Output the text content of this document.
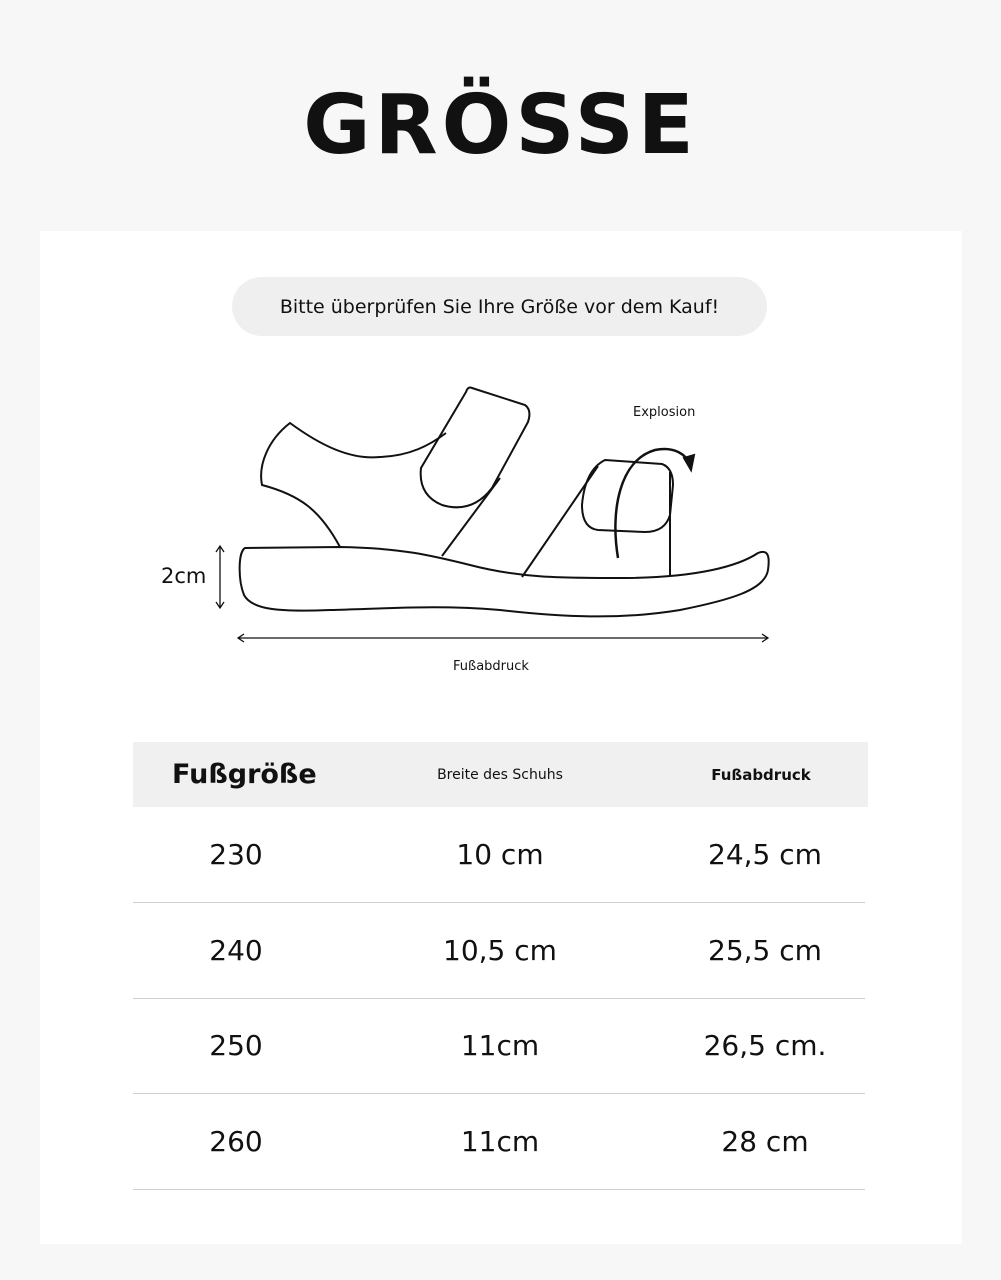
GRÖSSE
Bitte überprüfen Sie Ihre Größe vor dem Kauf!
Explosion
2cm
Fußabdruck
Fußgröße	Breite des Schuhs	Fußabdruck
230	10 cm	24,5 cm
240	10,5 cm	25,5 cm
250	11cm	26,5 cm.
260	11cm	28 cm
